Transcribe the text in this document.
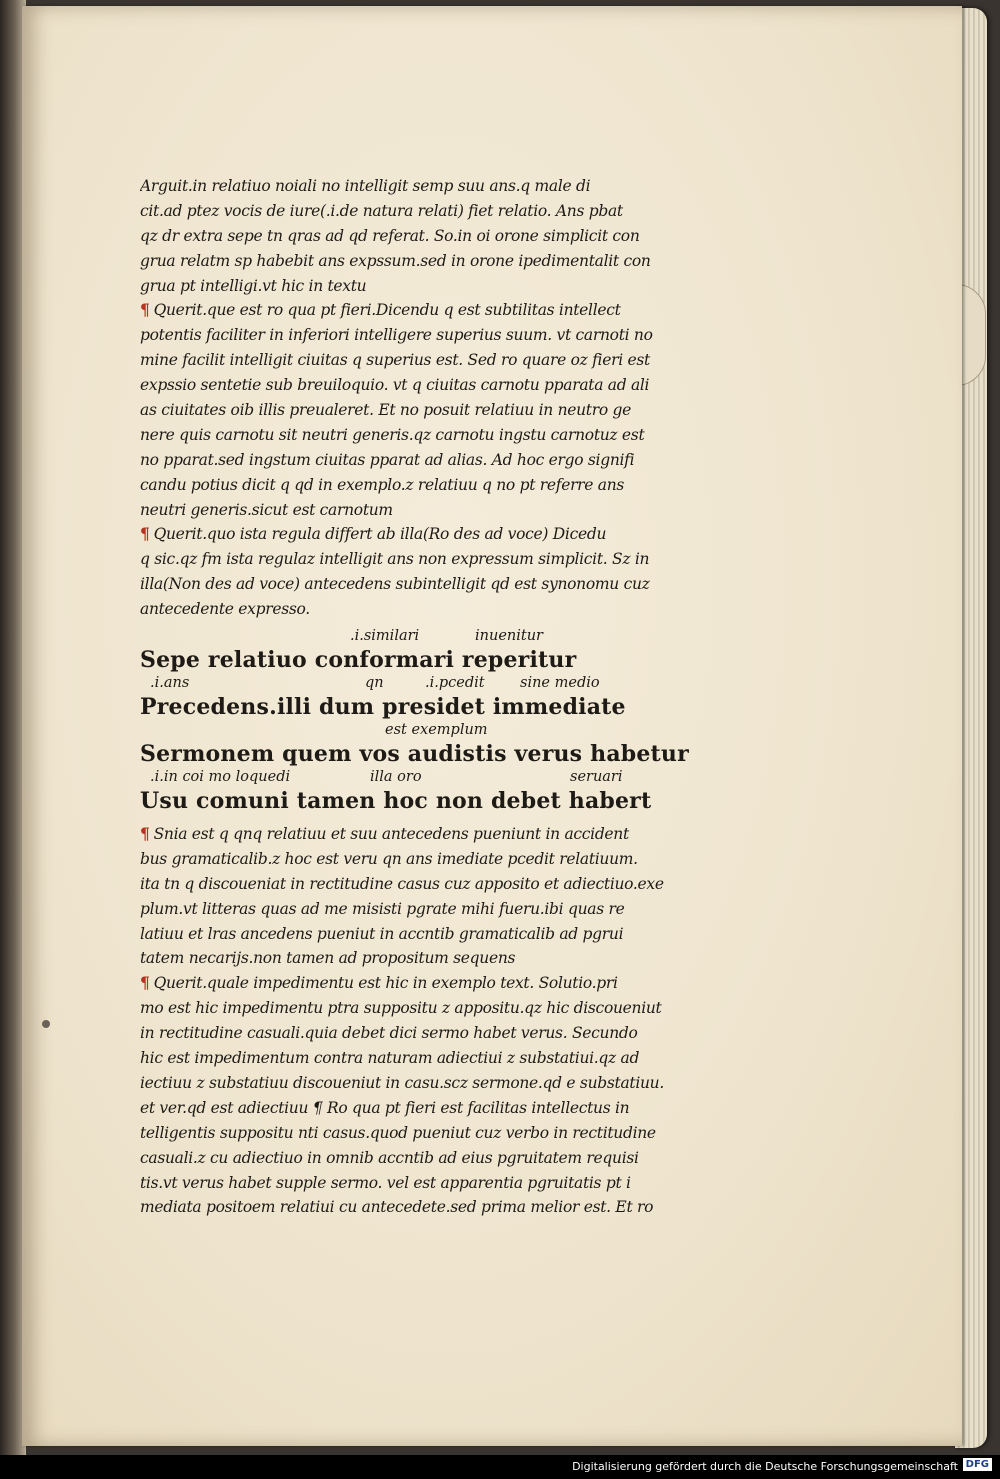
Arguit.in relatiuo noiali no intelligit semp suu ans.q male di
cit.ad ptez vocis de iure(.i.de natura relati) fiet relatio. Ans pbat
qz dr extra sepe tn qras ad qd referat. So.in oi orone simplicit con
grua relatm sp habebit ans expssum.sed in orone ipedimentalit con
grua pt intelligi.vt hic in textu
¶ Querit.que est ro qua pt fieri.Dicendu q est subtilitas intellect
potentis faciliter in inferiori intelligere superius suum. vt carnoti no
mine facilit intelligit ciuitas q superius est. Sed ro quare oz fieri est
expssio sentetie sub breuiloquio. vt q ciuitas carnotu pparata ad ali
as ciuitates oib illis preualeret. Et no posuit relatiuu in neutro ge
nere quis carnotu sit neutri generis.qz carnotu ingstu carnotuz est
no pparat.sed ingstum ciuitas pparat ad alias. Ad hoc ergo signifi
candu potius dicit q qd in exemplo.z relatiuu q no pt referre ans
neutri generis.sicut est carnotum
¶ Querit.quo ista regula differt ab illa(Ro des ad voce) Dicedu
q sic.qz fm ista regulaz intelligit ans non expressum simplicit. Sz in
illa(Non des ad voce) antecedens subintelligit qd est synonomu cuz
antecedente expresso.
.i.similari	inuenitur
Sepe relatiuo conformari reperitur
.i.ans	qn	.i.pcedit sine medio
Precedens.illi dum presidet immediate
est exemplum
Sermonem quem vos audistis verus habetur
.i.in coi mo loquedi	illa oro	seruari
Usu comuni tamen hoc non debet habert
¶ Snia est q qnq relatiuu et suu antecedens pueniunt in accident
bus gramaticalib.z hoc est veru qn ans imediate pcedit relatiuum.
ita tn q discoueniat in rectitudine casus cuz apposito et adiectiuo.exe
plum.vt litteras quas ad me misisti pgrate mihi fueru.ibi quas re
latiuu et lras ancedens pueniut in accntib gramaticalib ad pgrui
tatem necarijs.non tamen ad propositum sequens
¶ Querit.quale impedimentu est hic in exemplo text. Solutio.pri
mo est hic impedimentu ptra suppositu z appositu.qz hic discoueniut
in rectitudine casuali.quia debet dici sermo habet verus. Secundo
hic est impedimentum contra naturam adiectiui z substatiui.qz ad
iectiuu z substatiuu discoueniut in casu.scz sermone.qd e substatiuu.
et ver.qd est adiectiuu ¶ Ro qua pt fieri est facilitas intellectus in
telligentis suppositu nti casus.quod pueniut cuz verbo in rectitudine
casuali.z cu adiectiuo in omnib accntib ad eius pgruitatem requisi
tis.vt verus habet supple sermo. vel est apparentia pgruitatis pt i
mediata positoem relatiui cu antecedete.sed prima melior est. Et ro
Digitalisierung gefördert durch die Deutsche Forschungsgemeinschaft DFG
